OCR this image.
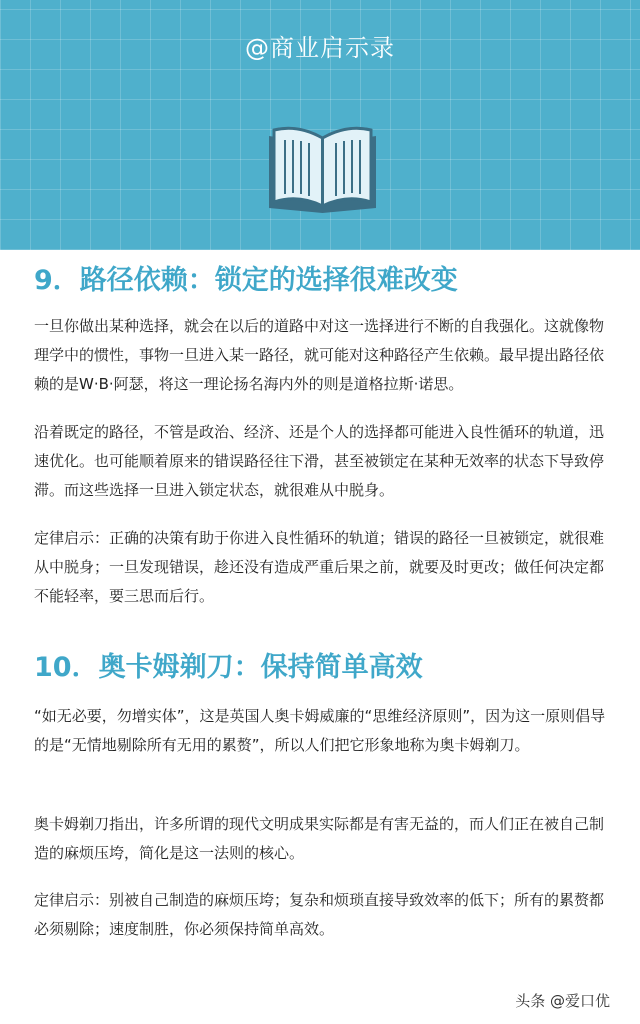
@商业启示录
9．路径依赖：锁定的选择很难改变

一旦你做出某种选择，就会在以后的道路中对这一选择进行不断的自我强化。这就像物理学中的惯性，事物一旦进入某一路径，就可能对这种路径产生依赖。最早提出路径依赖的是W·B·阿瑟，将这一理论扬名海内外的则是道格拉斯·诺思。

沿着既定的路径，不管是政治、经济、还是个人的选择都可能进入良性循环的轨道，迅速优化。也可能顺着原来的错误路径往下滑，甚至被锁定在某种无效率的状态下导致停滞。而这些选择一旦进入锁定状态，就很难从中脱身。

定律启示：正确的决策有助于你进入良性循环的轨道；错误的路径一旦被锁定，就很难从中脱身；一旦发现错误，趁还没有造成严重后果之前，就要及时更改；做任何决定都不能轻率，要三思而后行。

10．奥卡姆剃刀：保持简单高效

“如无必要，勿增实体”，这是英国人奥卡姆威廉的“思维经济原则”，因为这一原则倡导的是“无情地剔除所有无用的累赘”，所以人们把它形象地称为奥卡姆剃刀。

奥卡姆剃刀指出，许多所谓的现代文明成果实际都是有害无益的，而人们正在被自己制造的麻烦压垮，简化是这一法则的核心。

定律启示：别被自己制造的麻烦压垮；复杂和烦琐直接导致效率的低下；所有的累赘都必须剔除；速度制胜，你必须保持简单高效。

头条 @爱口优
